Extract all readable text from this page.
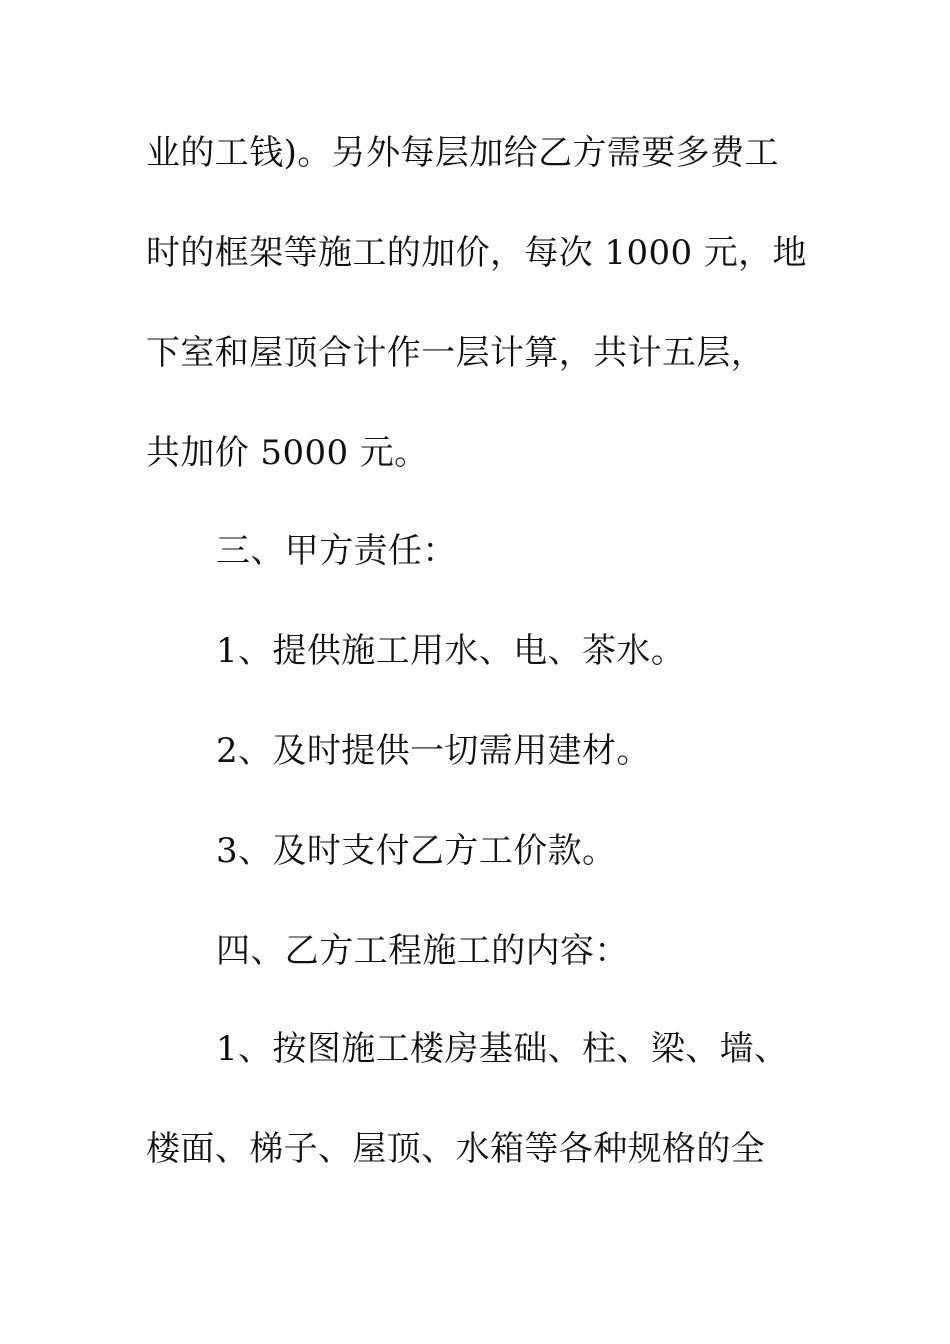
业的工钱)。另外每层加给乙方需要多费工
时的框架等施工的加价，每次 1000 元，地
下室和屋顶合计作一层计算，共计五层，
共加价 5000 元。
三、甲方责任：
1、提供施工用水、电、茶水。
2、及时提供一切需用建材。
3、及时支付乙方工价款。
四、乙方工程施工的内容：
1、按图施工楼房基础、柱、梁、墙、
楼面、梯子、屋顶、水箱等各种规格的全
